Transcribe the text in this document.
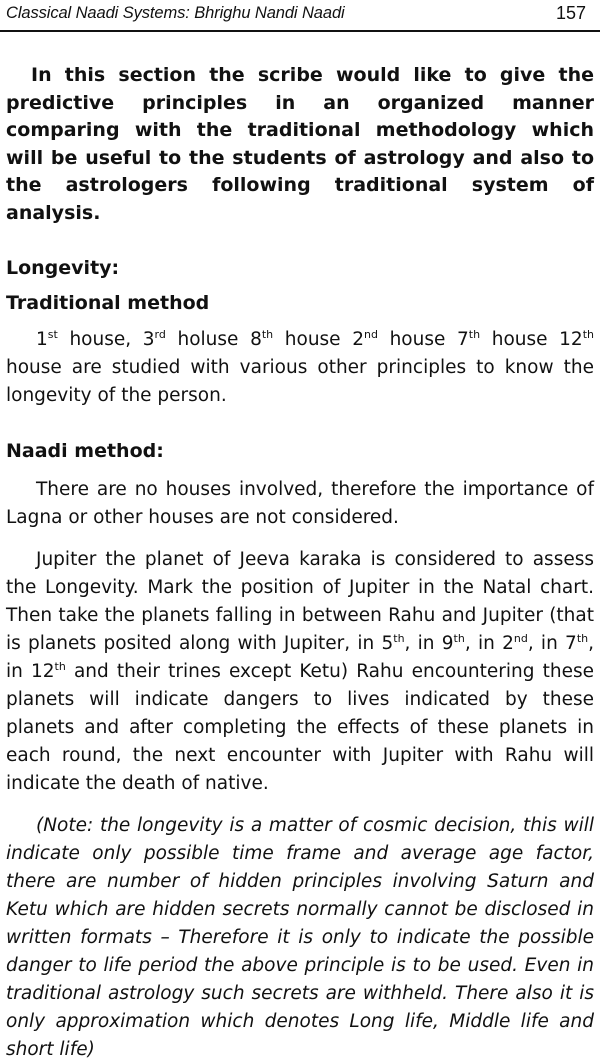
Classical Naadi Systems: Bhrighu Nandi Naadi	157

In this section the scribe would like to give the predictive principles in an organized manner comparing with the traditional methodology which will be useful to the students of astrology and also to the astrologers following traditional system of analysis.

Longevity:

Traditional method

1st house, 3rd holuse 8th house 2nd house 7th house 12th house are studied with various other principles to know the longevity of the person.

Naadi method:

There are no houses involved, therefore the importance of Lagna or other houses are not considered.

Jupiter the planet of Jeeva karaka is considered to assess the Longevity. Mark the position of Jupiter in the Natal chart. Then take the planets falling in between Rahu and Jupiter (that is planets posited along with Jupiter, in 5th, in 9th, in 2nd, in 7th, in 12th and their trines except Ketu) Rahu encountering these planets will indicate dangers to lives indicated by these planets and after completing the effects of these planets in each round, the next encounter with Jupiter with Rahu will indicate the death of native.

(Note: the longevity is a matter of cosmic decision, this will indicate only possible time frame and average age factor, there are number of hidden principles involving Saturn and Ketu which are hidden secrets normally cannot be disclosed in written formats – Therefore it is only to indicate the possible danger to life period the above principle is to be used. Even in traditional astrology such secrets are withheld. There also it is only approximation which denotes Long life, Middle life and short life)
